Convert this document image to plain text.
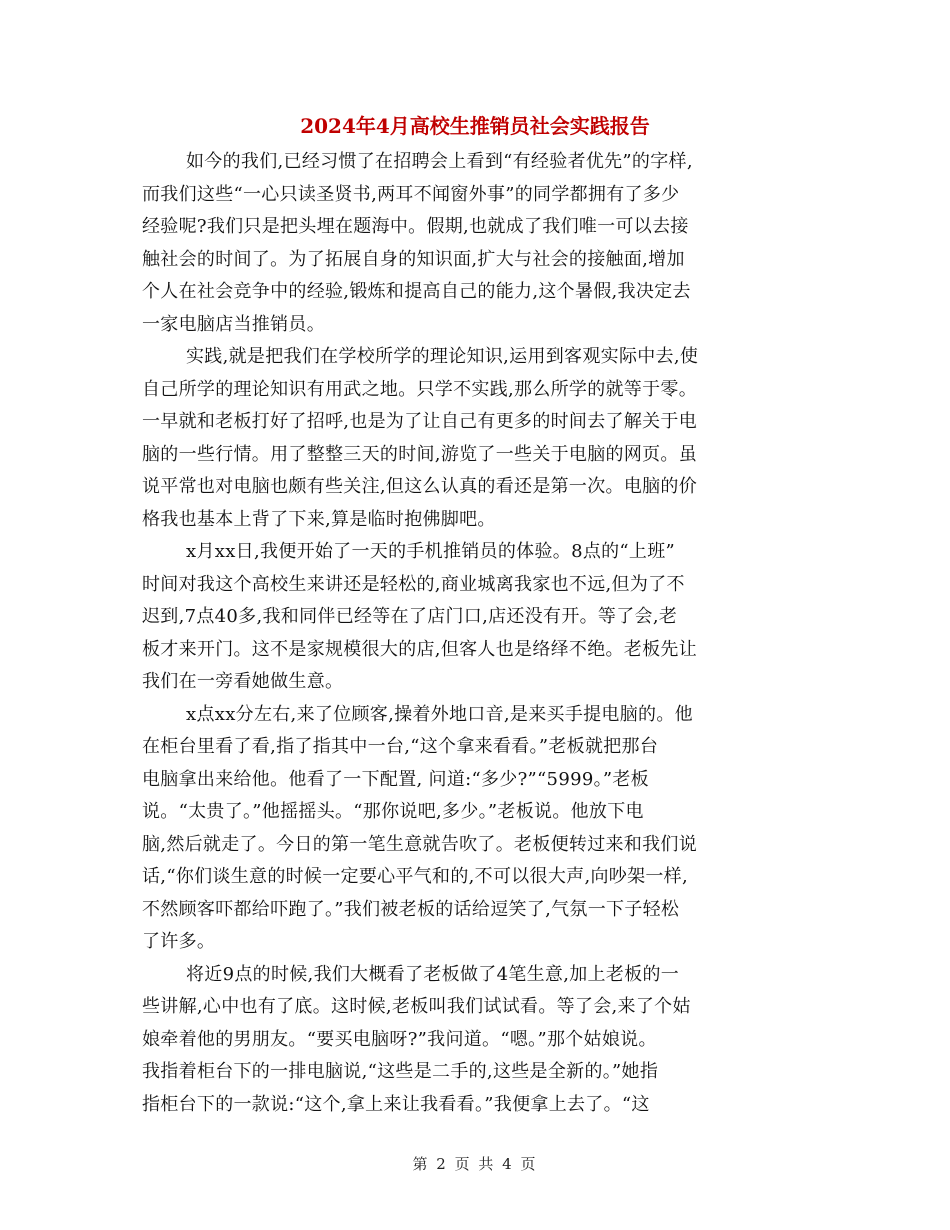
2024年4月高校生推销员社会实践报告

如今的我们,已经习惯了在招聘会上看到“有经验者优先”的字样,
而我们这些“一心只读圣贤书,两耳不闻窗外事”的同学都拥有了多少
经验呢?我们只是把头埋在题海中。假期,也就成了我们唯一可以去接
触社会的时间了。为了拓展自身的知识面,扩大与社会的接触面,增加
个人在社会竞争中的经验,锻炼和提高自己的能力,这个暑假,我决定去
一家电脑店当推销员。

实践,就是把我们在学校所学的理论知识,运用到客观实际中去,使
自己所学的理论知识有用武之地。只学不实践,那么所学的就等于零。
一早就和老板打好了招呼,也是为了让自己有更多的时间去了解关于电
脑的一些行情。用了整整三天的时间,游览了一些关于电脑的网页。虽
说平常也对电脑也颇有些关注,但这么认真的看还是第一次。电脑的价
格我也基本上背了下来,算是临时抱佛脚吧。

x月xx日,我便开始了一天的手机推销员的体验。8点的“上班”
时间对我这个高校生来讲还是轻松的,商业城离我家也不远,但为了不
迟到,7点40多,我和同伴已经等在了店门口,店还没有开。等了会,老
板才来开门。这不是家规模很大的店,但客人也是络绎不绝。老板先让
我们在一旁看她做生意。

x点xx分左右,来了位顾客,操着外地口音,是来买手提电脑的。他
在柜台里看了看,指了指其中一台,“这个拿来看看。”老板就把那台
电脑拿出来给他。他看了一下配置, 问道:“多少?”“5999。”老板
说。“太贵了。”他摇摇头。“那你说吧,多少。”老板说。他放下电
脑,然后就走了。今日的第一笔生意就告吹了。老板便转过来和我们说
话,“你们谈生意的时候一定要心平气和的,不可以很大声,向吵架一样,
不然顾客吓都给吓跑了。”我们被老板的话给逗笑了,气氛一下子轻松
了许多。

将近9点的时候,我们大概看了老板做了4笔生意,加上老板的一
些讲解,心中也有了底。这时候,老板叫我们试试看。等了会,来了个姑
娘牵着他的男朋友。“要买电脑呀?”我问道。“嗯。”那个姑娘说。
我指着柜台下的一排电脑说,“这些是二手的,这些是全新的。”她指
指柜台下的一款说:“这个,拿上来让我看看。”我便拿上去了。“这

第 2 页 共 4 页
